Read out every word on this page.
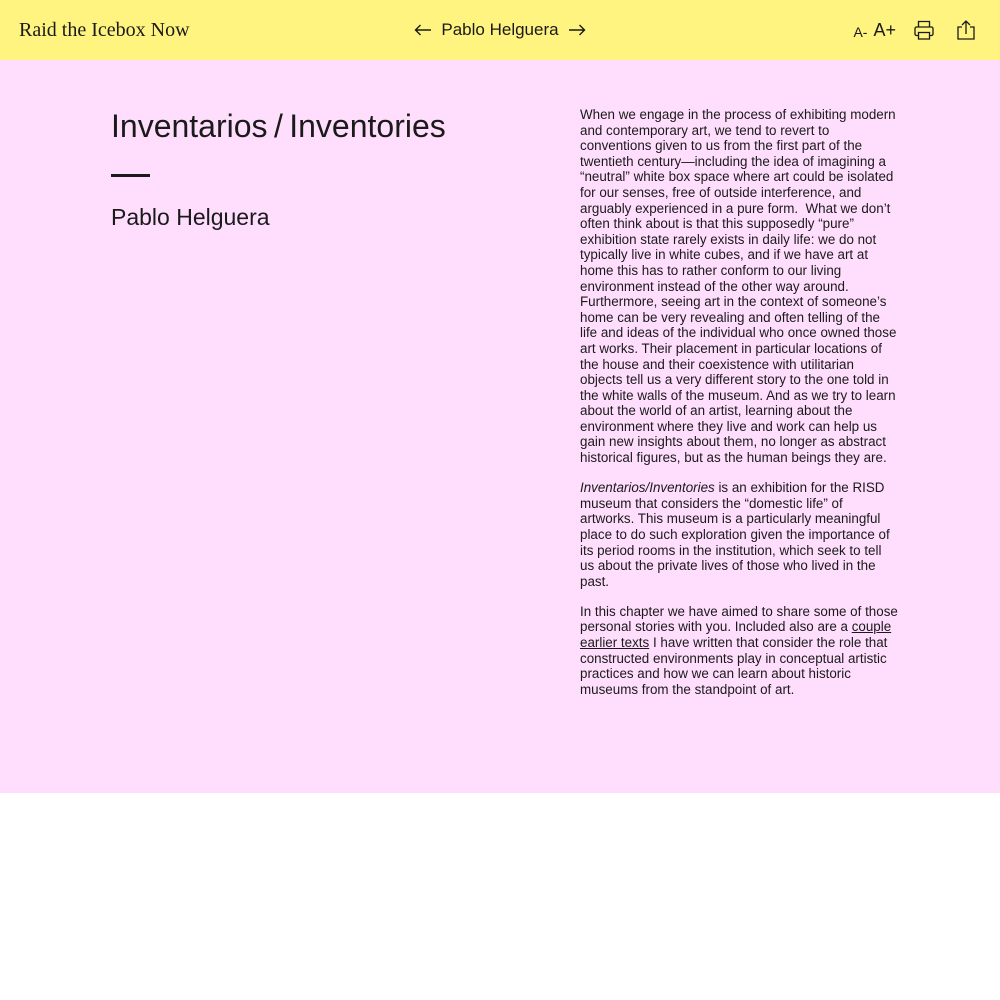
Raid the Icebox Now	Pablo Helguera	A- A+
Inventarios / Inventories
Pablo Helguera

When we engage in the process of exhibiting modern and contemporary art, we tend to revert to conventions given to us from the first part of the twentieth century—including the idea of imagining a “neutral” white box space where art could be isolated for our senses, free of outside interference, and arguably experienced in a pure form.  What we don’t often think about is that this supposedly “pure” exhibition state rarely exists in daily life: we do not typically live in white cubes, and if we have art at home this has to rather conform to our living environment instead of the other way around. Furthermore, seeing art in the context of someone’s home can be very revealing and often telling of the life and ideas of the individual who once owned those art works. Their placement in particular locations of the house and their coexistence with utilitarian objects tell us a very different story to the one told in the white walls of the museum. And as we try to learn about the world of an artist, learning about the environment where they live and work can help us gain new insights about them, no longer as abstract historical figures, but as the human beings they are.

Inventarios/Inventories is an exhibition for the RISD museum that considers the “domestic life” of artworks. This museum is a particularly meaningful place to do such exploration given the importance of its period rooms in the institution, which seek to tell us about the private lives of those who lived in the past.

In this chapter we have aimed to share some of those personal stories with you. Included also are a couple earlier texts I have written that consider the role that constructed environments play in conceptual artistic practices and how we can learn about historic museums from the standpoint of art.
